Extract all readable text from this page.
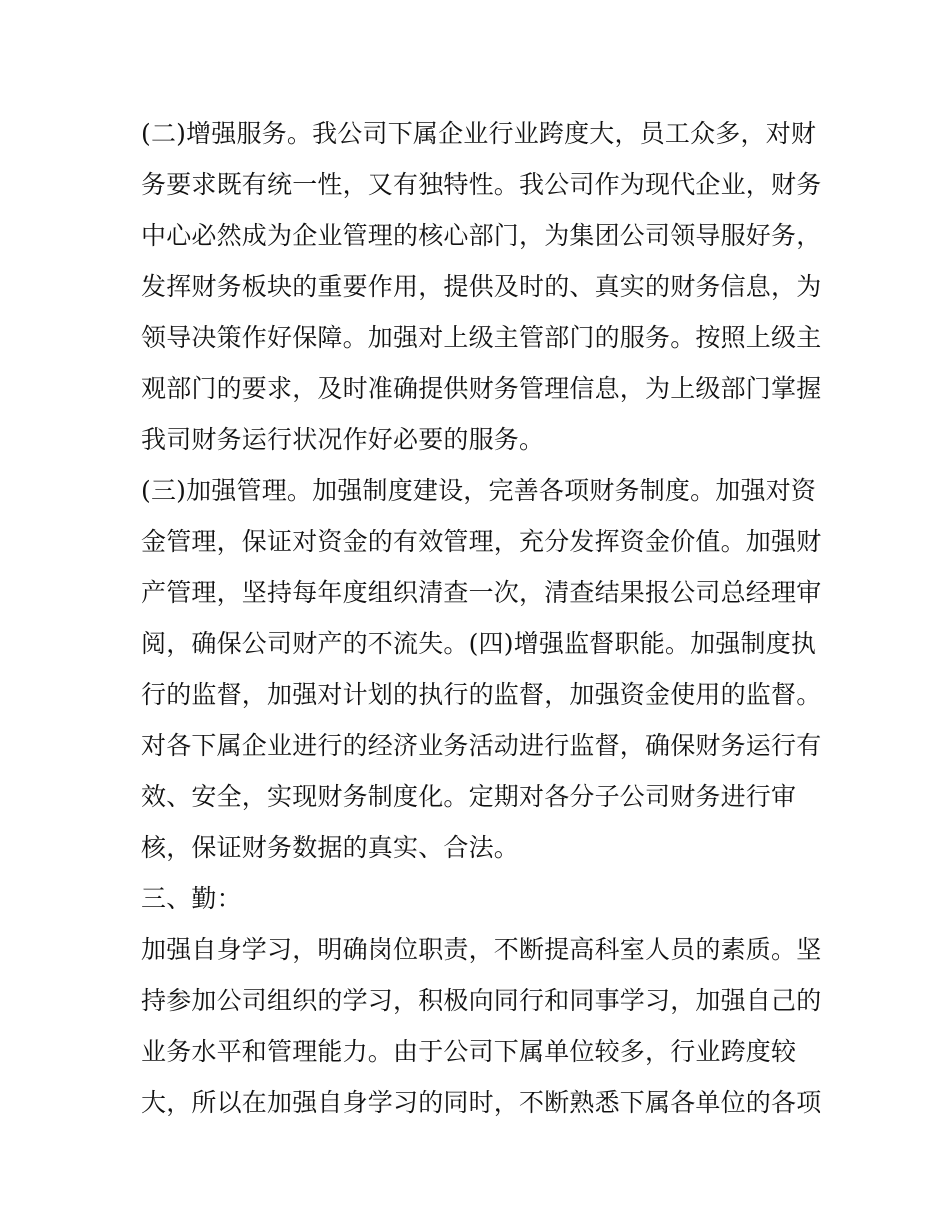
(二)增强服务。我公司下属企业行业跨度大，员工众多，对财
务要求既有统一性，又有独特性。我公司作为现代企业，财务
中心必然成为企业管理的核心部门，为集团公司领导服好务，
发挥财务板块的重要作用，提供及时的、真实的财务信息，为
领导决策作好保障。加强对上级主管部门的服务。按照上级主
观部门的要求，及时准确提供财务管理信息，为上级部门掌握
我司财务运行状况作好必要的服务。
(三)加强管理。加强制度建设，完善各项财务制度。加强对资
金管理，保证对资金的有效管理，充分发挥资金价值。加强财
产管理，坚持每年度组织清查一次，清查结果报公司总经理审
阅，确保公司财产的不流失。(四)增强监督职能。加强制度执
行的监督，加强对计划的执行的监督，加强资金使用的监督。
对各下属企业进行的经济业务活动进行监督，确保财务运行有
效、安全，实现财务制度化。定期对各分子公司财务进行审
核，保证财务数据的真实、合法。
三、勤：
加强自身学习，明确岗位职责，不断提高科室人员的素质。坚
持参加公司组织的学习，积极向同行和同事学习，加强自己的
业务水平和管理能力。由于公司下属单位较多，行业跨度较
大，所以在加强自身学习的同时，不断熟悉下属各单位的各项
